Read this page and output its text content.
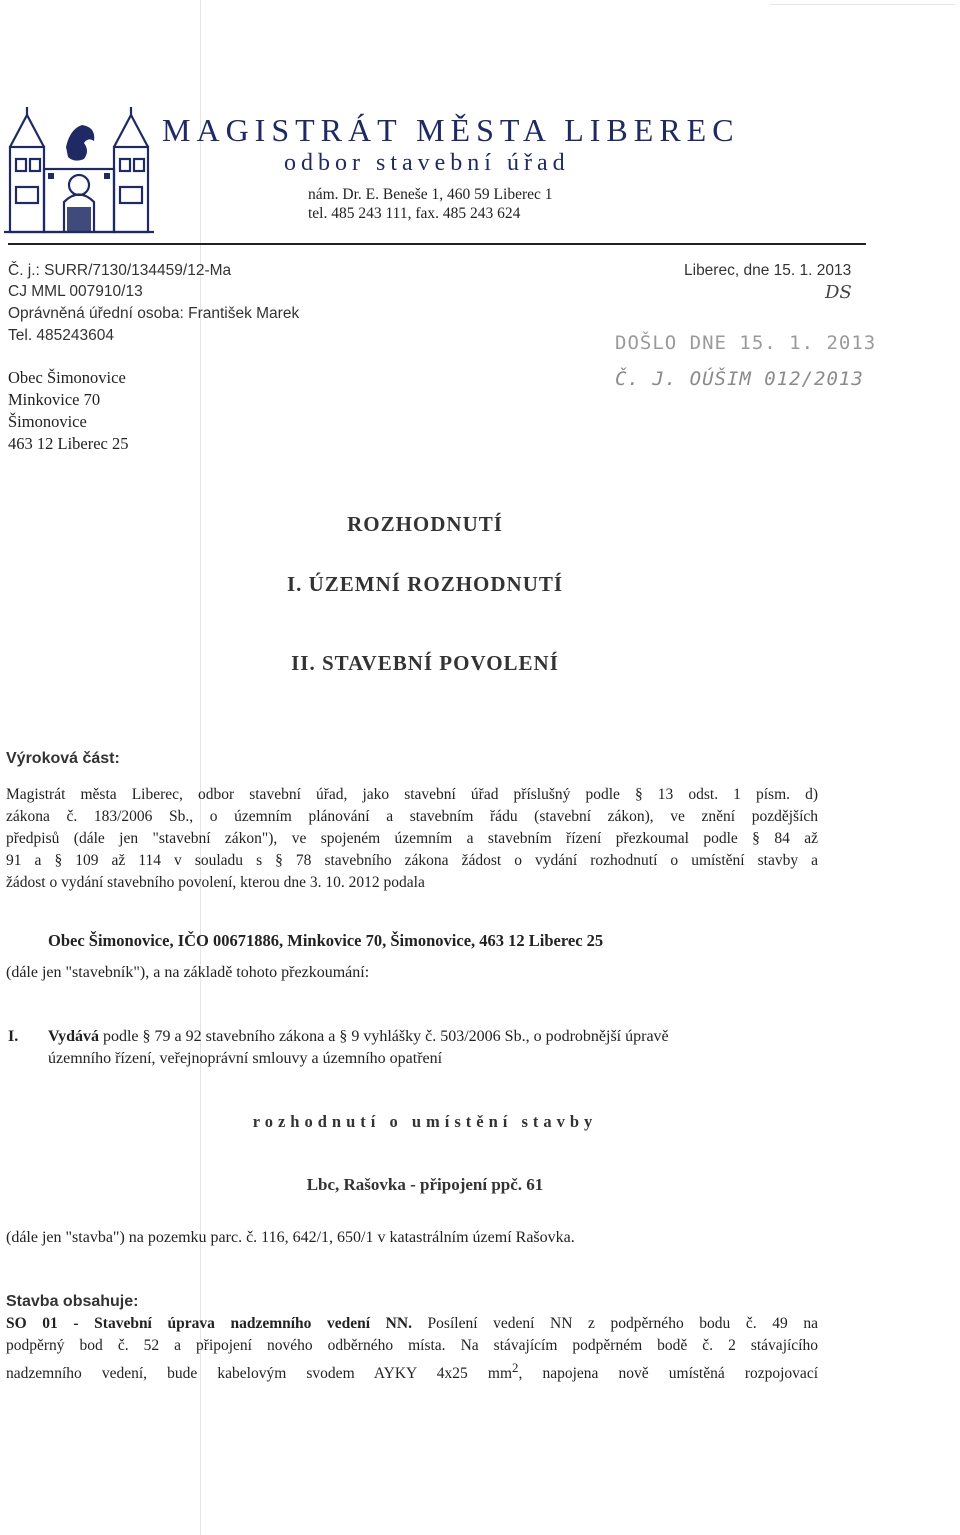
MAGISTRÁT MĚSTA LIBEREC
odbor stavební úřad
nám. Dr. E. Beneše 1, 460 59 Liberec 1
tel. 485 243 111, fax. 485 243 624
Č. j.: SURR/7130/134459/12-Ma
CJ MML 007910/13
Oprávněná úřední osoba: František Marek
Tel. 485243604
Liberec, dne 15. 1. 2013
Obec Šimonovice
Minkovice 70
Šimonovice
463 12 Liberec 25
DS
DOŠLO DNE 15. 1. 2013
Č. J. OÚŠIM 012/2013
ROZHODNUTÍ
I. ÚZEMNÍ ROZHODNUTÍ
II. STAVEBNÍ POVOLENÍ
Výroková část:
Magistrát města Liberec, odbor stavební úřad, jako stavební úřad příslušný podle § 13 odst. 1 písm. d)
zákona č. 183/2006 Sb., o územním plánování a stavebním řádu (stavební zákon), ve znění pozdějších
předpisů (dále jen "stavební zákon"), ve spojeném územním a stavebním řízení přezkoumal podle § 84 až
91 a § 109 až 114 v souladu s § 78 stavebního zákona žádost o vydání rozhodnutí o umístění stavby a
žádost o vydání stavebního povolení, kterou dne 3. 10. 2012 podala
Obec Šimonovice, IČO 00671886, Minkovice 70, Šimonovice, 463 12 Liberec 25
(dále jen "stavebník"), a na základě tohoto přezkoumání:
I. Vydává podle § 79 a 92 stavebního zákona a § 9 vyhlášky č. 503/2006 Sb., o podrobnější úpravě
územního řízení, veřejnoprávní smlouvy a územního opatření
rozhodnutí o umístění stavby
Lbc, Rašovka - připojení ppč. 61
(dále jen "stavba") na pozemku parc. č. 116, 642/1, 650/1 v katastrálním území Rašovka.
Stavba obsahuje:
SO 01 - Stavební úprava nadzemního vedení NN. Posílení vedení NN z podpěrného bodu č. 49 na
podpěrný bod č. 52 a připojení nového odběrného místa. Na stávajícím podpěrném bodě č. 2 stávajícího
nadzemního vedení, bude kabelovým svodem AYKY 4x25 $mm^2$, napojena nově umístěná rozpojovací
